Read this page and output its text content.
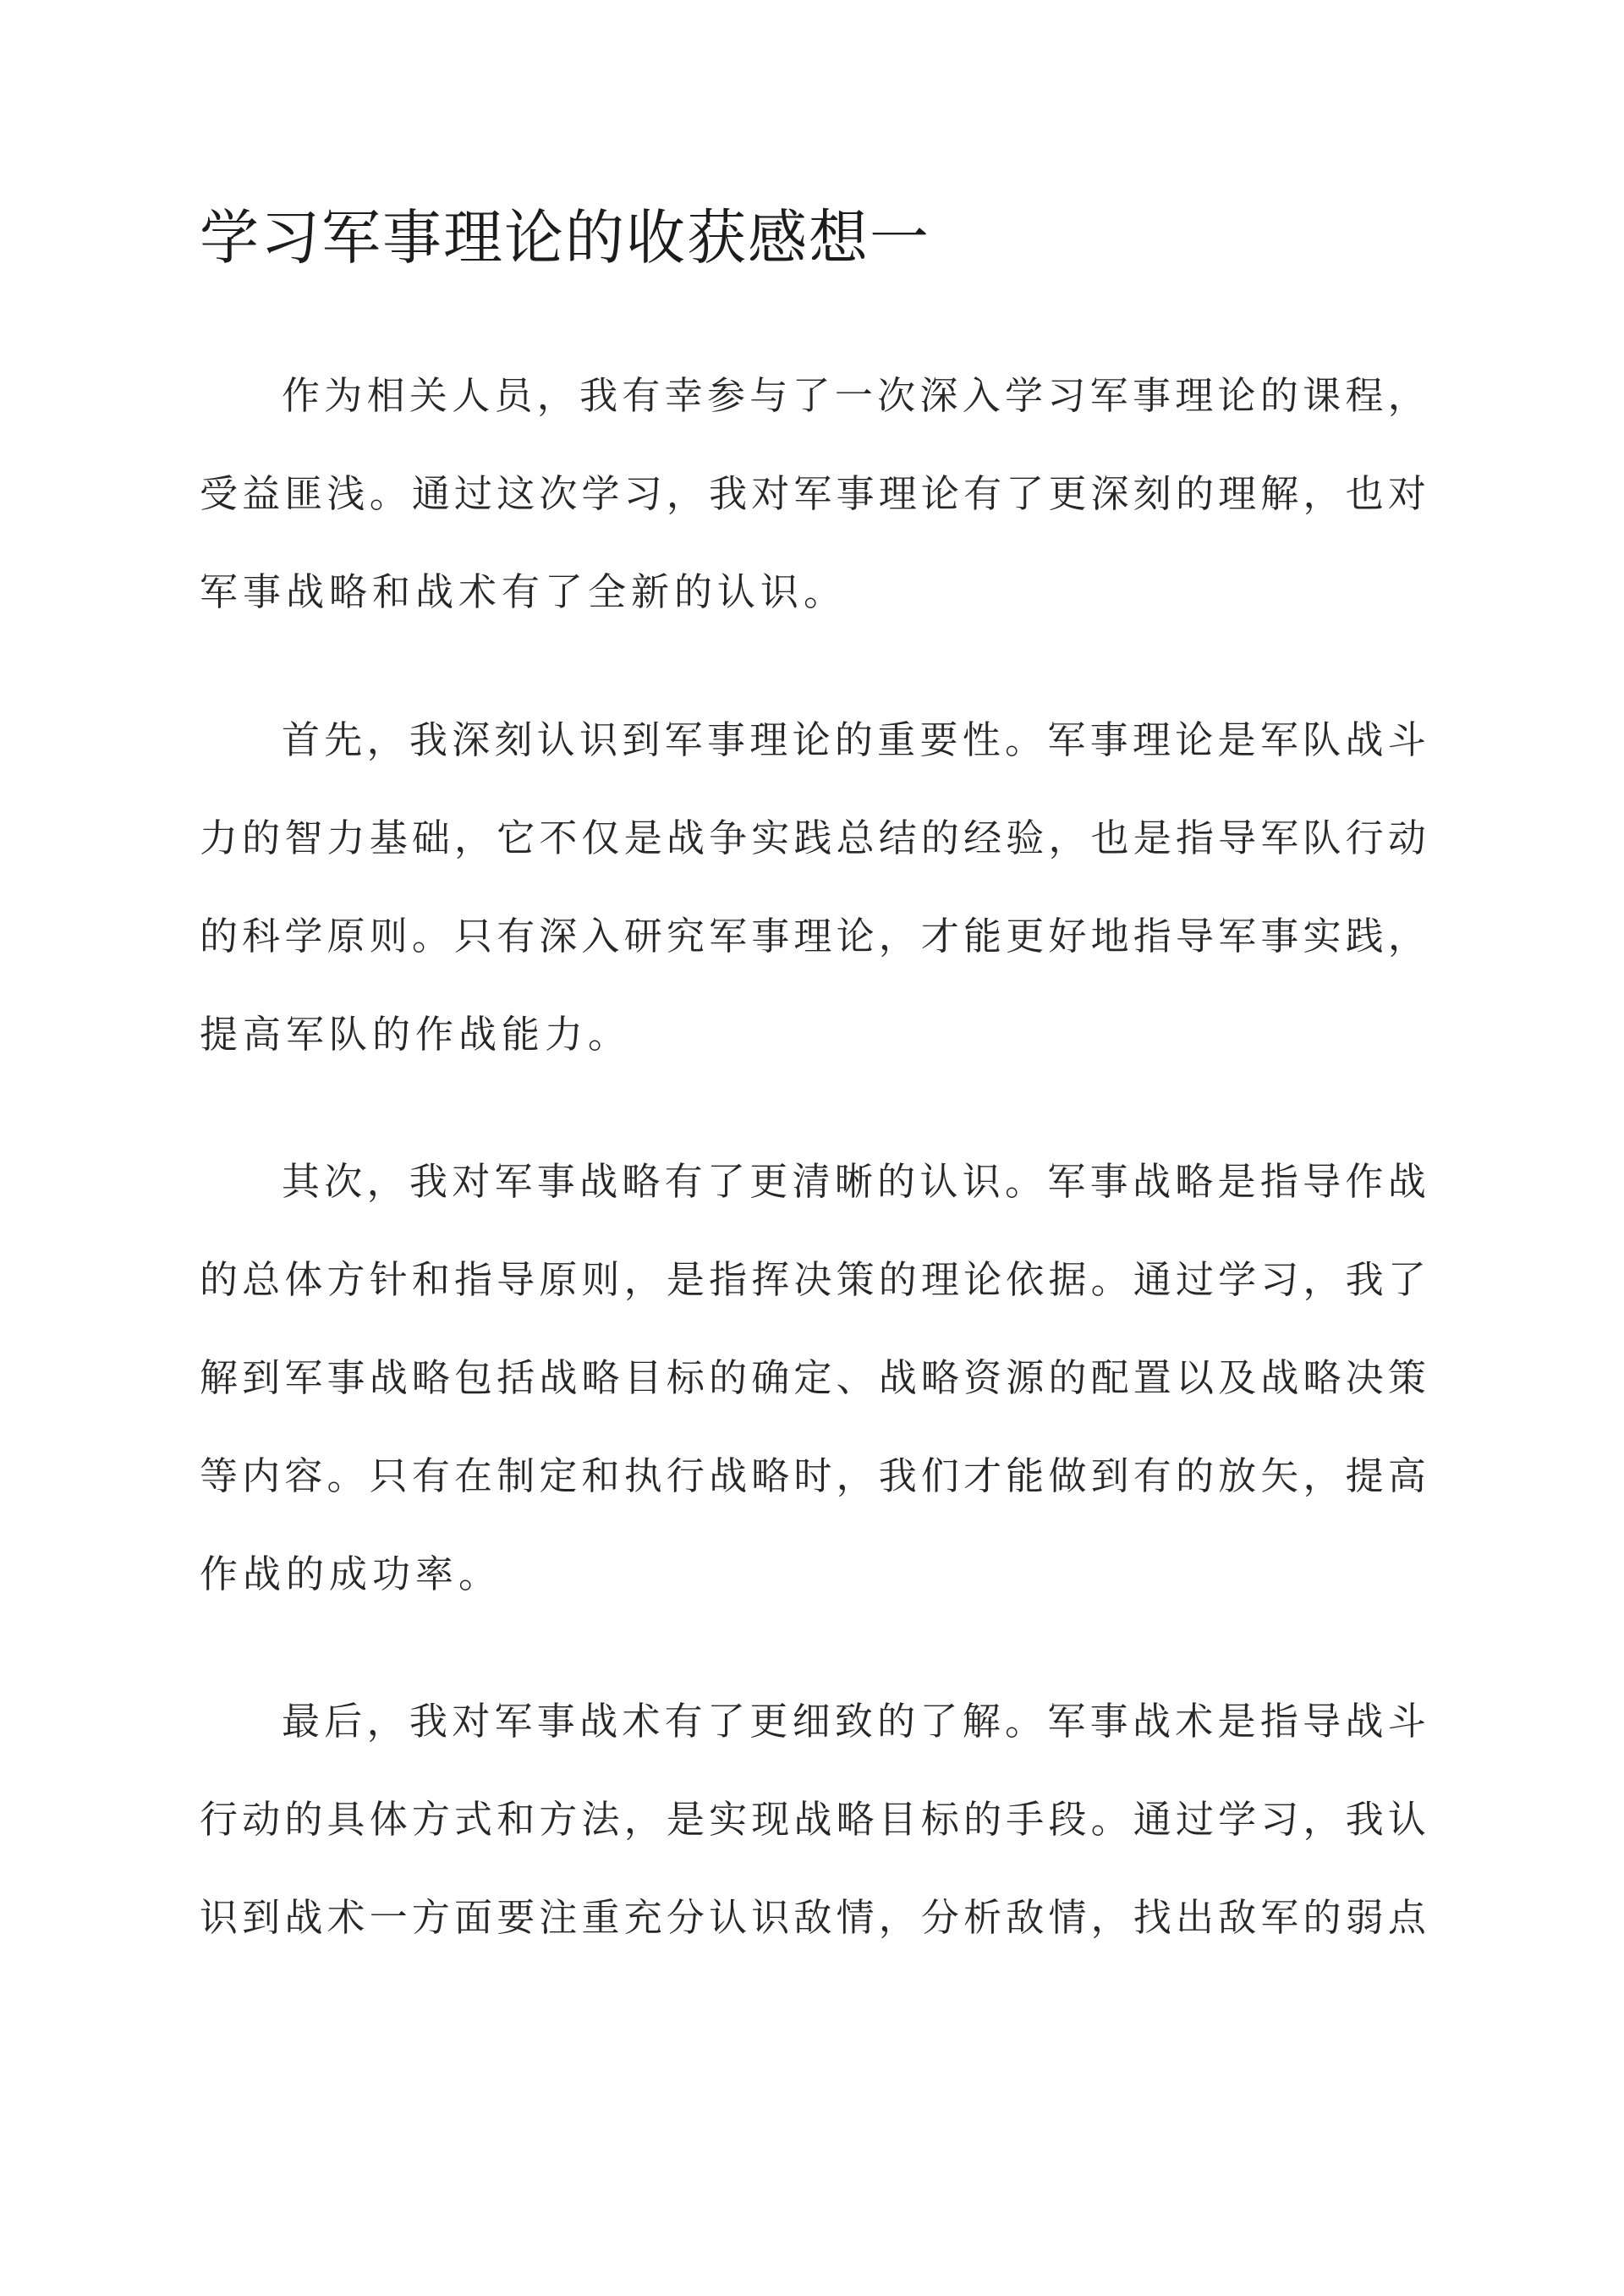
学习军事理论的收获感想一

作 为 相 关 人 员 ， 我 有 幸 参 与 了 一 次 深 入 学 习 军 事 理 论 的 课 程 ，

受 益 匪 浅 。 通 过 这 次 学 习 ， 我 对 军 事 理 论 有 了 更 深 刻 的 理 解 ， 也 对

军事战略和战术有了全新的认识。

首 先 ， 我 深 刻 认 识 到 军 事 理 论 的 重 要 性 。 军 事 理 论 是 军 队 战 斗

力 的 智 力 基 础 ， 它 不 仅 是 战 争 实 践 总 结 的 经 验 ， 也 是 指 导 军 队 行 动

的 科 学 原 则 。 只 有 深 入 研 究 军 事 理 论 ， 才 能 更 好 地 指 导 军 事 实 践 ，

提高军队的作战能力。

其 次 ， 我 对 军 事 战 略 有 了 更 清 晰 的 认 识 。 军 事 战 略 是 指 导 作 战

的 总 体 方 针 和 指 导 原 则 ， 是 指 挥 决 策 的 理 论 依 据 。 通 过 学 习 ， 我 了

解 到 军 事 战 略 包 括 战 略 目 标 的 确 定 、 战 略 资 源 的 配 置 以 及 战 略 决 策

等 内 容 。 只 有 在 制 定 和 执 行 战 略 时 ， 我 们 才 能 做 到 有 的 放 矢 ， 提 高

作战的成功率。

最 后 ， 我 对 军 事 战 术 有 了 更 细 致 的 了 解 。 军 事 战 术 是 指 导 战 斗

行 动 的 具 体 方 式 和 方 法 ， 是 实 现 战 略 目 标 的 手 段 。 通 过 学 习 ， 我 认

识 到 战 术 一 方 面 要 注 重 充 分 认 识 敌 情 ， 分 析 敌 情 ， 找 出 敌 军 的 弱 点
